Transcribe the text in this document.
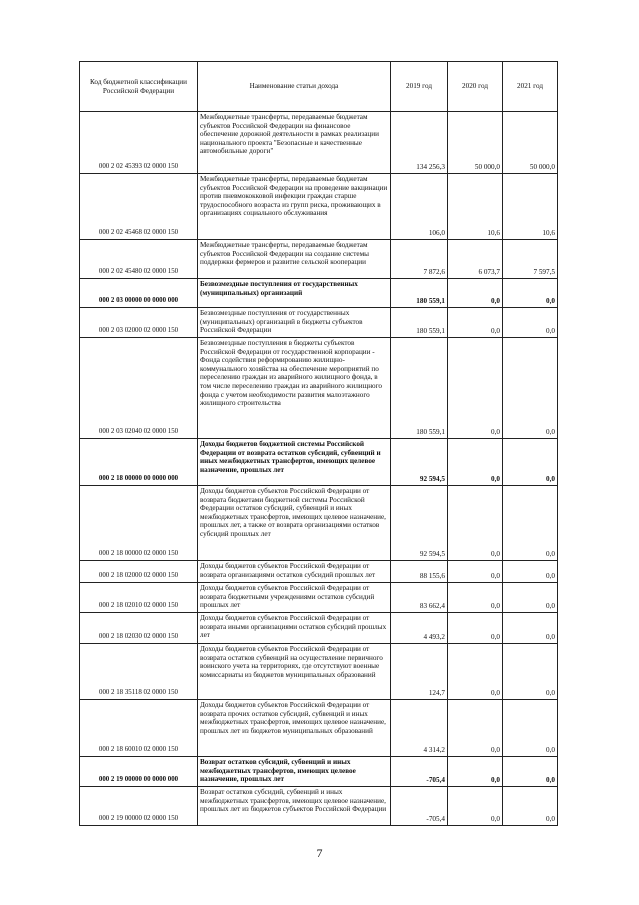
Код бюджетной классификации Российской Федерации	Наименование статьи дохода	2019 год	2020 год	2021 год
000 2 02 45393 02 0000 150	Межбюджетные трансферты, передаваемые бюджетам субъектов Российской Федерации на финансовое обеспечение дорожной деятельности в рамках реализации национального проекта "Безопасные и качественные автомобильные дороги"	134 256,3	50 000,0	50 000,0
000 2 02 45468 02 0000 150	Межбюджетные трансферты, передаваемые бюджетам субъектов Российской Федерации на проведение вакцинации против пневмококковой инфекции граждан старше трудоспособного возраста из групп риска, проживающих в организациях социального обслуживания	106,0	10,6	10,6
000 2 02 45480 02 0000 150	Межбюджетные трансферты, передаваемые бюджетам субъектов Российской Федерации на создание системы поддержки фермеров и развитие сельской кооперации	7 872,6	6 073,7	7 597,5
000 2 03 00000 00 0000 000	Безвозмездные поступления от государственных (муниципальных) организаций	180 559,1	0,0	0,0
000 2 03 02000 02 0000 150	Безвозмездные поступления от государственных (муниципальных) организаций в бюджеты субъектов Российской Федерации	180 559,1	0,0	0,0
000 2 03 02040 02 0000 150	Безвозмездные поступления в бюджеты субъектов Российской Федерации от государственной корпорации - Фонда содействия реформированию жилищно-коммунального хозяйства на обеспечение мероприятий по переселению граждан из аварийного жилищного фонда, в том числе переселению граждан из аварийного жилищного фонда с учетом необходимости развития малоэтажного жилищного строительства	180 559,1	0,0	0,0
000 2 18 00000 00 0000 000	Доходы бюджетов бюджетной системы Российской Федерации от возврата остатков субсидий, субвенций и иных межбюджетных трансфертов, имеющих целевое назначение, прошлых лет	92 594,5	0,0	0,0
000 2 18 00000 02 0000 150	Доходы бюджетов субъектов Российской Федерации от возврата бюджетами бюджетной системы Российской Федерации остатков субсидий, субвенций и иных межбюджетных трансфертов, имеющих целевое назначение, прошлых лет, а также от возврата организациями остатков субсидий прошлых лет	92 594,5	0,0	0,0
000 2 18 02000 02 0000 150	Доходы бюджетов субъектов Российской Федерации от возврата организациями остатков субсидий прошлых лет	88 155,6	0,0	0,0
000 2 18 02010 02 0000 150	Доходы бюджетов субъектов Российской Федерации от возврата бюджетными учреждениями остатков субсидий прошлых лет	83 662,4	0,0	0,0
000 2 18 02030 02 0000 150	Доходы бюджетов субъектов Российской Федерации от возврата иными организациями остатков субсидий прошлых лет	4 493,2	0,0	0,0
000 2 18 35118 02 0000 150	Доходы бюджетов субъектов Российской Федерации от возврата остатков субвенций на осуществление первичного воинского учета на территориях, где отсутствуют военные комиссариаты из бюджетов муниципальных образований	124,7	0,0	0,0
000 2 18 60010 02 0000 150	Доходы бюджетов субъектов Российской Федерации от возврата прочих остатков субсидий, субвенций и иных межбюджетных трансфертов, имеющих целевое назначение, прошлых лет из бюджетов муниципальных образований	4 314,2	0,0	0,0
000 2 19 00000 00 0000 000	Возврат остатков субсидий, субвенций и иных межбюджетных трансфертов, имеющих целевое назначение, прошлых лет	-705,4	0,0	0,0
000 2 19 00000 02 0000 150	Возврат остатков субсидий, субвенций и иных межбюджетных трансфертов, имеющих целевое назначение, прошлых лет из бюджетов субъектов Российской Федерации	-705,4	0,0	0,0
7
